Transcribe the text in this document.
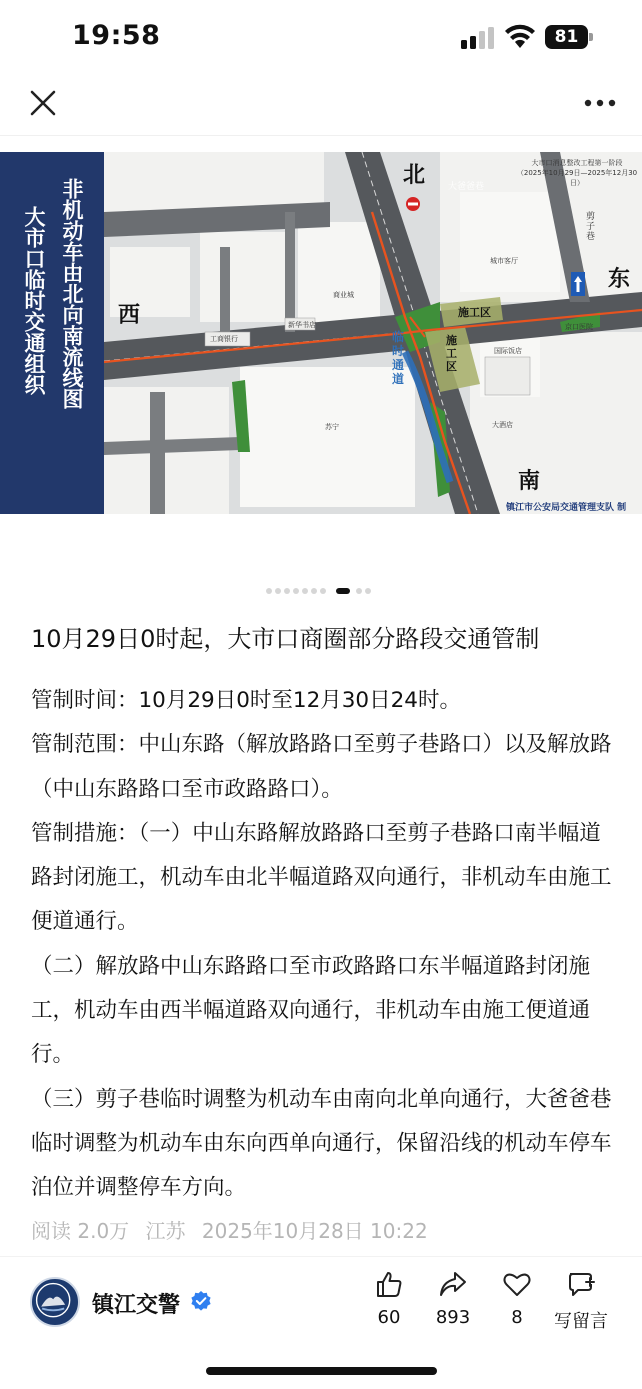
19:58	81
非机动车由北向南流线图
大市口临时交通组织
北
东
西
南
大市口消息整改工程第一阶段
（2025年10月29日—2025年12月30日）
大爸爸巷
剪子巷
商业城
城市客厅
苏宁
国际饭店
京口医院
大酒店
工商银行
新华书店
施工区
施工区
临时通道
镇江市公安局交通管理支队 制
10月29日0时起，大市口商圈部分路段交通管制

管制时间：10月29日0时至12月30日24时。

管制范围：中山东路（解放路路口至剪子巷路口）以及解放路（中山东路路口至市政路路口）。

管制措施：（一）中山东路解放路路口至剪子巷路口南半幅道路封闭施工，机动车由北半幅道路双向通行，非机动车由施工便道通行。

（二）解放路中山东路路口至市政路路口东半幅道路封闭施工，机动车由西半幅道路双向通行，非机动车由施工便道通行。

（三）剪子巷临时调整为机动车由南向北单向通行，大爸爸巷临时调整为机动车由东向西单向通行，保留沿线的机动车停车泊位并调整停车方向。

阅读 2.0万 江苏 2025年10月28日 10:22
镇江交警	60	893	8	写留言
